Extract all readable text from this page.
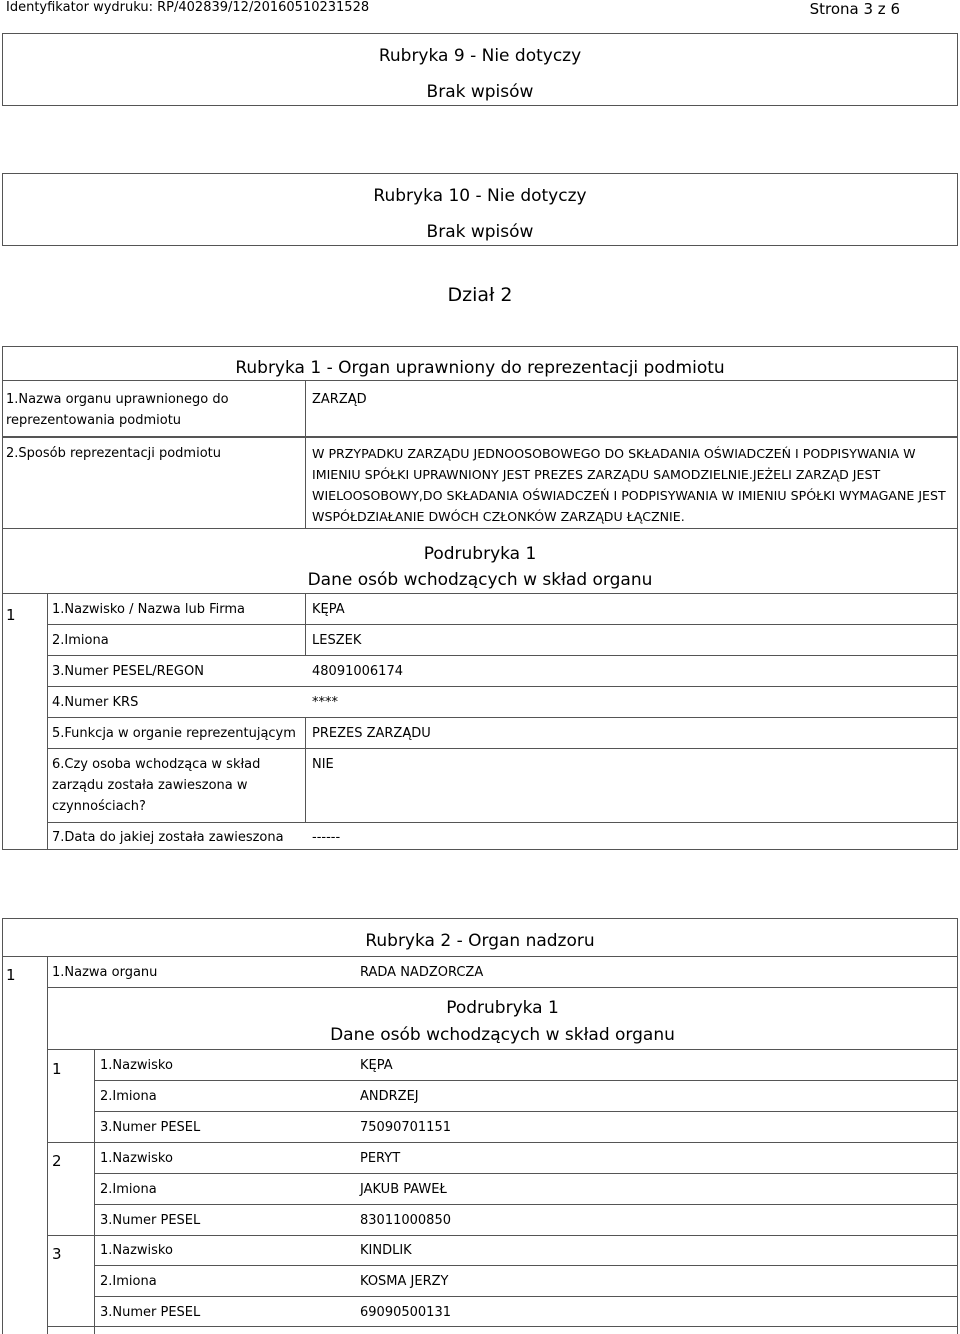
Identyfikator wydruku: RP/402839/12/20160510231528	Strona 3 z 6
Rubryka 9 - Nie dotyczy
Brak wpisów
Rubryka 10 - Nie dotyczy
Brak wpisów
Dział 2
Rubryka 1 - Organ uprawniony do reprezentacji podmiotu
1.Nazwa organu uprawnionego do reprezentowania podmiotu
ZARZĄD
2.Sposób reprezentacji podmiotu	W PRZYPADKU ZARZĄDU JEDNOOSOBOWEGO DO SKŁADANIA OŚWIADCZEŃ I PODPISYWANIA W IMIENIU SPÓŁKI UPRAWNIONY JEST PREZES ZARZĄDU SAMODZIELNIE.JEŻELI ZARZĄD JEST WIELOOSOBOWY,DO SKŁADANIA OŚWIADCZEŃ I PODPISYWANIA W IMIENIU SPÓŁKI WYMAGANE JEST WSPÓŁDZIAŁANIE DWÓCH CZŁONKÓW ZARZĄDU ŁĄCZNIE.
Podrubryka 1
Dane osób wchodzących w skład organu
1	1.Nazwisko / Nazwa lub Firma	KĘPA
2.Imiona	LESZEK
3.Numer PESEL/REGON	48091006174
4.Numer KRS	****
5.Funkcja w organie reprezentującym PREZES ZARZĄDU
6.Czy osoba wchodząca w skład zarządu została zawieszona w czynnościach?
NIE
7.Data do jakiej została zawieszona ------
Rubryka 2 - Organ nadzoru
1	1.Nazwa organu	RADA NADZORCZA
Podrubryka 1
Dane osób wchodzących w skład organu
1	1.Nazwisko	KĘPA
2.Imiona	ANDRZEJ
3.Numer PESEL	75090701151
2	1.Nazwisko	PERYT
2.Imiona	JAKUB PAWEŁ
3.Numer PESEL	83011000850
3	1.Nazwisko	KINDLIK
2.Imiona	KOSMA JERZY
3.Numer PESEL	69090500131
